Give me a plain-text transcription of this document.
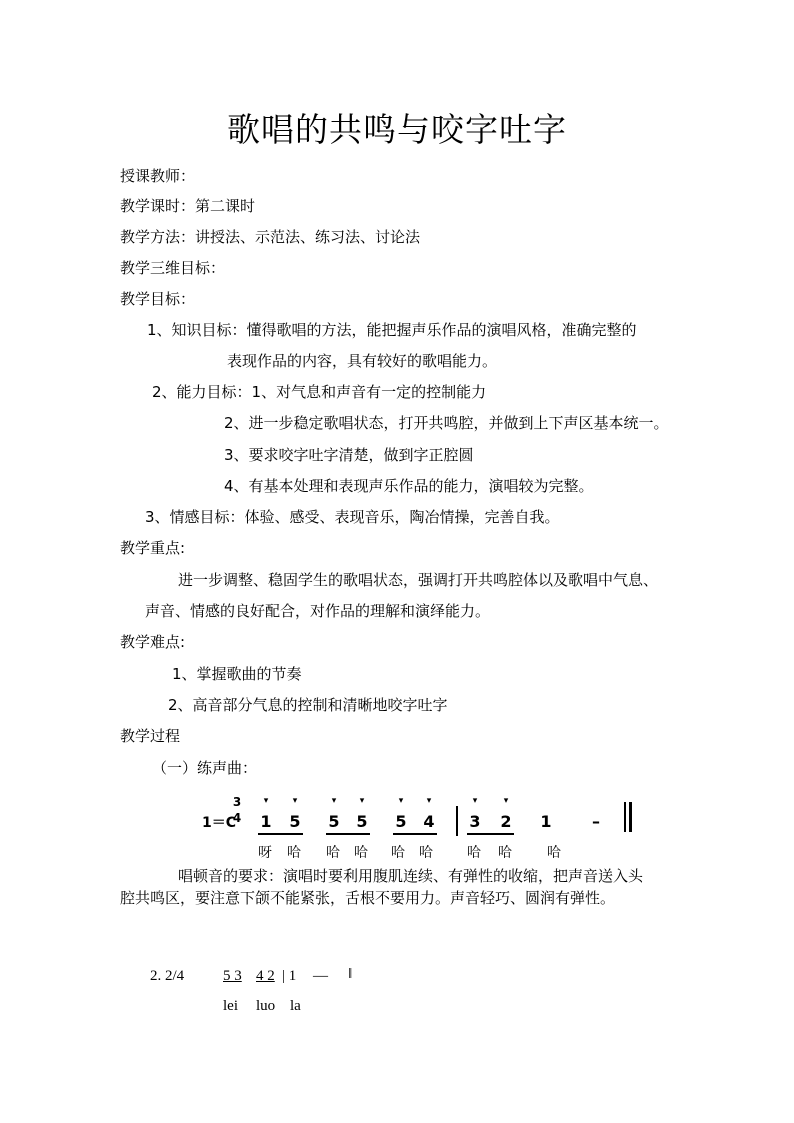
歌唱的共鸣与咬字吐字
授课教师：
教学课时：第二课时
教学方法：讲授法、示范法、练习法、讨论法
教学三维目标：
教学目标：
1、知识目标：懂得歌唱的方法，能把握声乐作品的演唱风格，准确完整的
表现作品的内容，具有较好的歌唱能力。
2、能力目标：1、对气息和声音有一定的控制能力
2、进一步稳定歌唱状态，打开共鸣腔，并做到上下声区基本统一。
3、要求咬字吐字清楚，做到字正腔圆
4、有基本处理和表现声乐作品的能力，演唱较为完整。
3、情感目标：体验、感受、表现音乐，陶冶情操，完善自我。
教学重点:
进一步调整、稳固学生的歌唱状态，强调打开共鸣腔体以及歌唱中气息、
声音、情感的良好配合，对作品的理解和演绎能力。
教学难点:
1、掌握歌曲的节奏
2、高音部分气息的控制和清晰地咬字吐字
教学过程
（一）练声曲：
1＝C
3
4
▾	▾	▾	▾	▾	▾	▾	▾
1 5 5 5 5 4 3 2 1	–
呀 哈 哈 哈 哈 哈 哈 哈	哈
唱顿音的要求：演唱时要利用腹肌连续、有弹性的收缩，把声音送入头
腔共鸣区，要注意下颌不能紧张，舌根不要用力。声音轻巧、圆润有弹性。
2. 2/4	5 3 4 2 | 1 — ‖
lei luo la
